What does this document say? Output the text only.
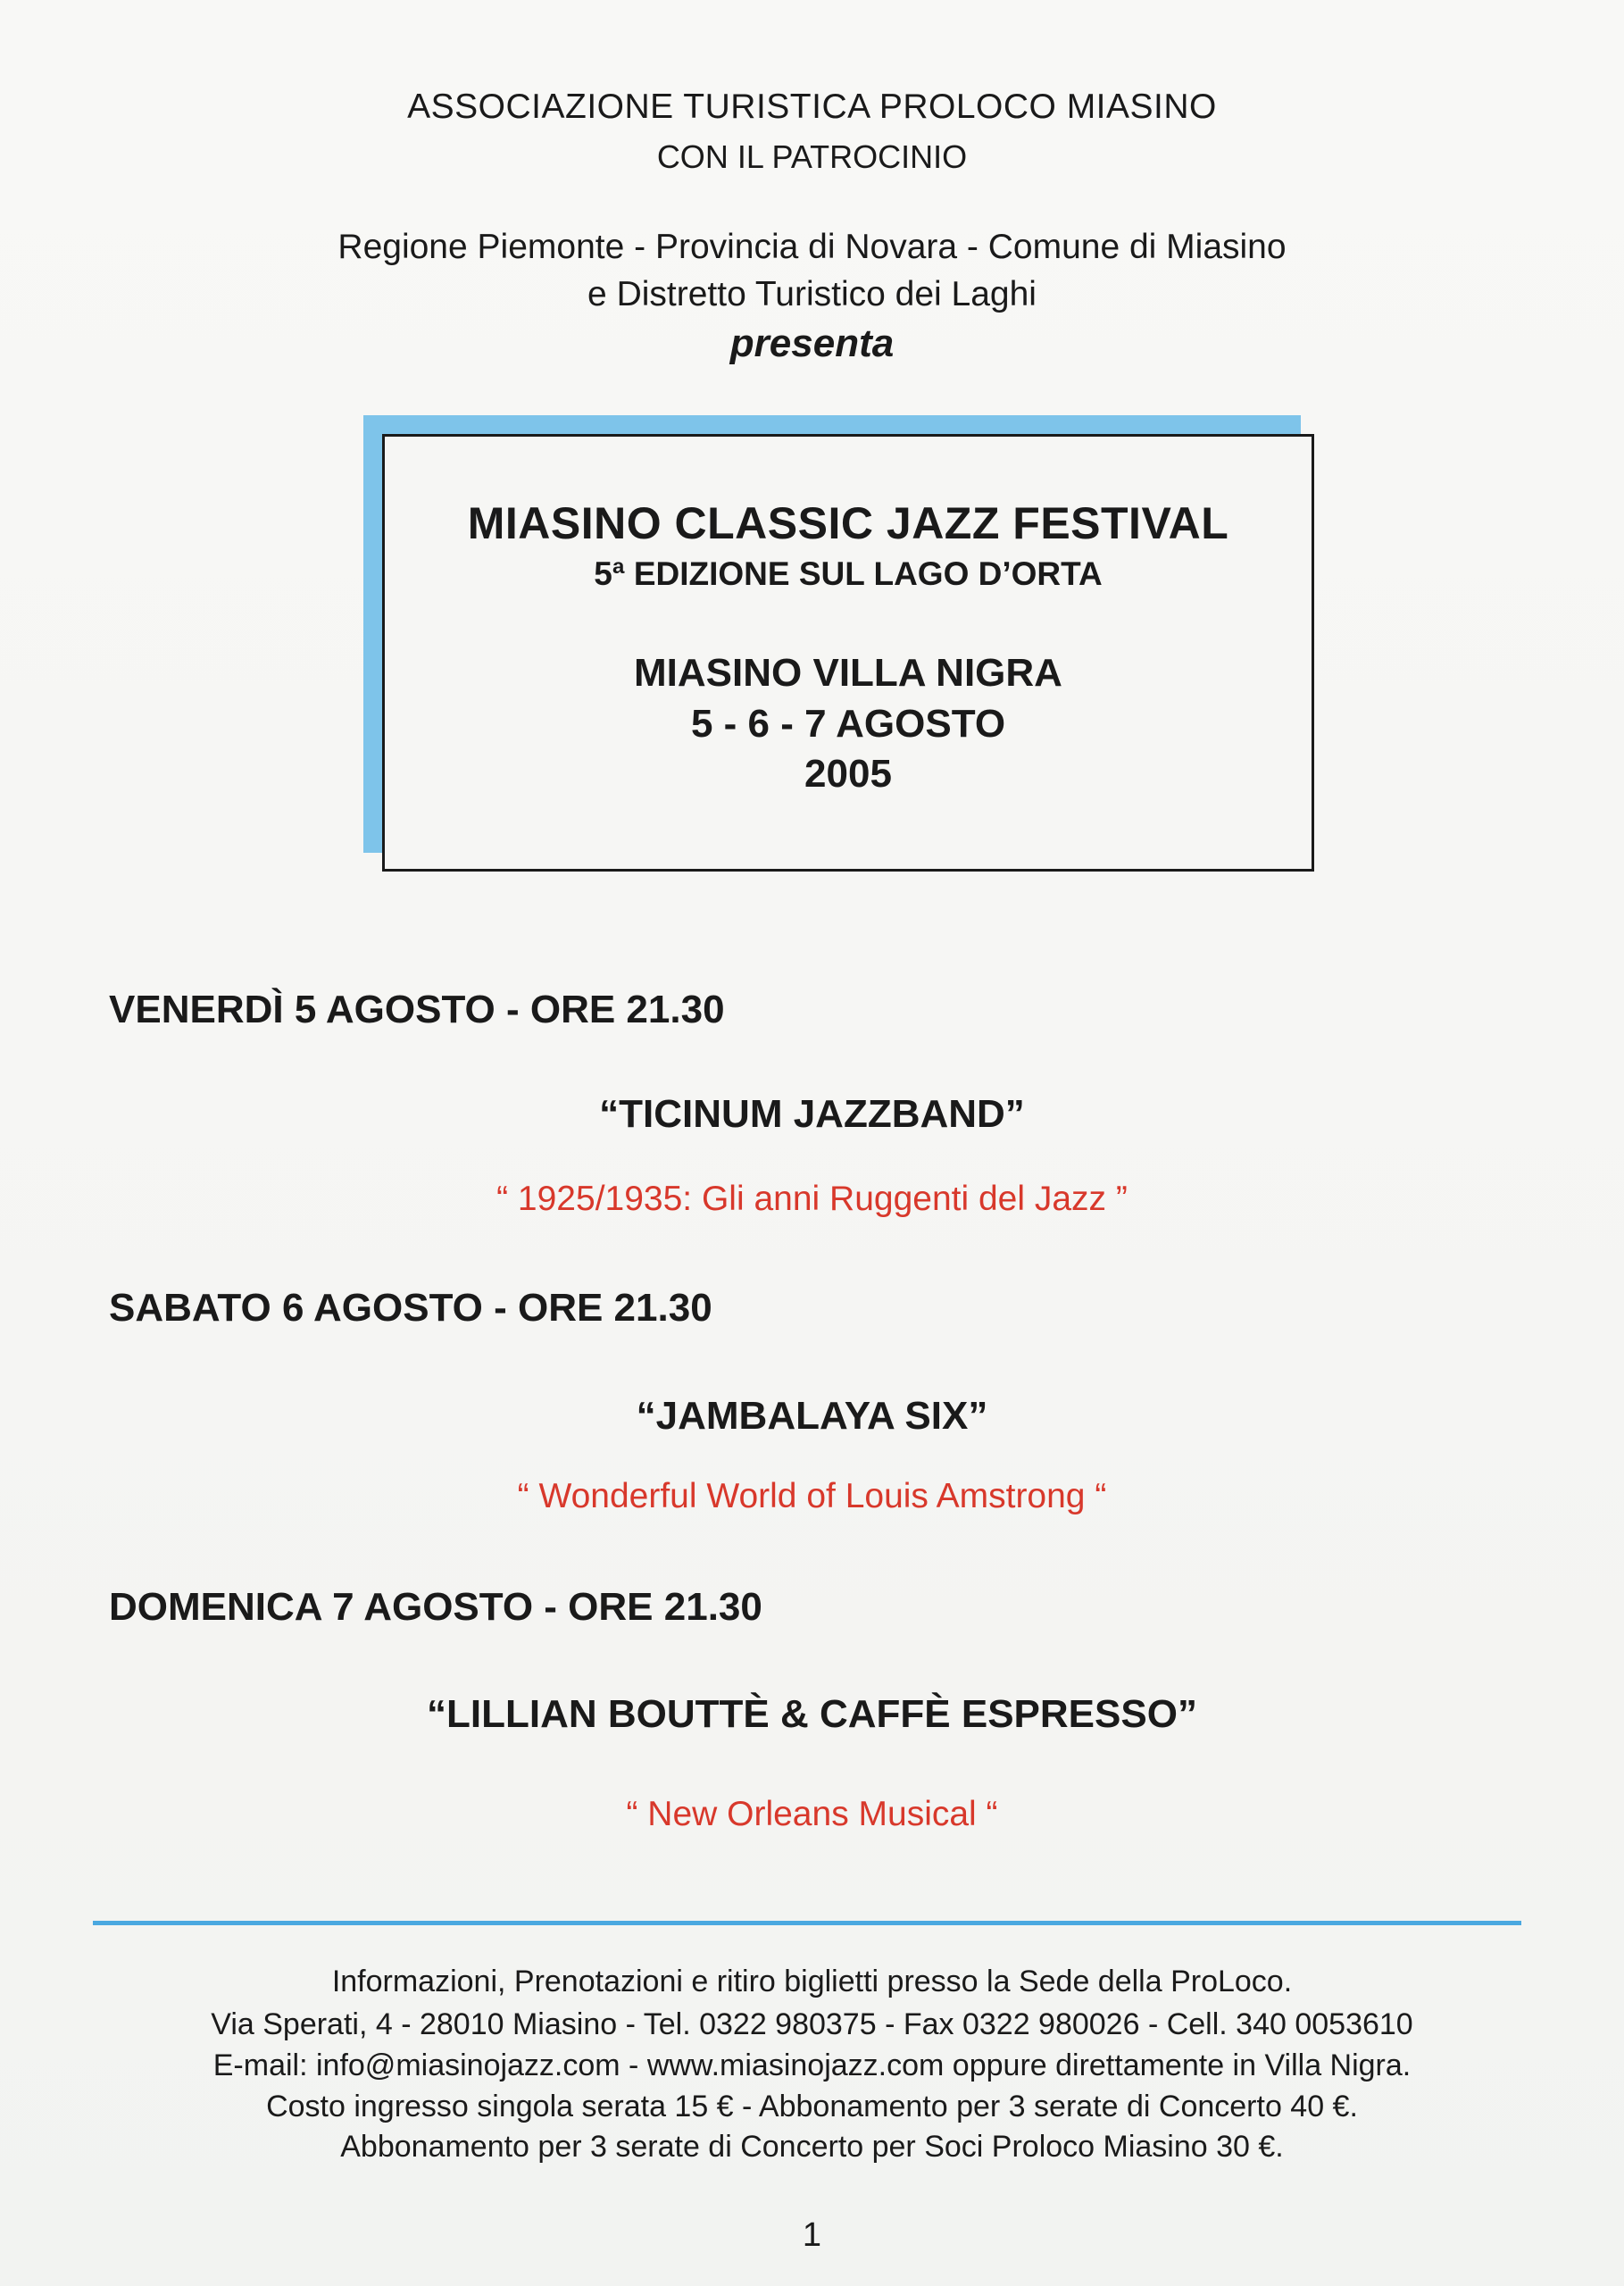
ASSOCIAZIONE TURISTICA PROLOCO MIASINO
CON IL PATROCINIO
Regione Piemonte - Provincia di Novara - Comune di Miasino
e Distretto Turistico dei Laghi
presenta
MIASINO CLASSIC JAZZ FESTIVAL
5ª EDIZIONE SUL LAGO D’ORTA
MIASINO VILLA NIGRA
5 - 6 - 7 AGOSTO
2005
VENERDÌ 5 AGOSTO - ORE 21.30
“TICINUM JAZZBAND”
“ 1925/1935: Gli anni Ruggenti del Jazz ”
SABATO 6 AGOSTO - ORE 21.30
“JAMBALAYA SIX”
“ Wonderful World of Louis Amstrong “
DOMENICA 7 AGOSTO - ORE 21.30
“LILLIAN BOUTTÈ & CAFFÈ ESPRESSO”
“ New Orleans Musical “
Informazioni, Prenotazioni e ritiro biglietti presso la Sede della ProLoco.
Via Sperati, 4 - 28010 Miasino - Tel. 0322 980375 - Fax 0322 980026 - Cell. 340 0053610
E-mail: info@miasinojazz.com - www.miasinojazz.com oppure direttamente in Villa Nigra.
Costo ingresso singola serata 15 € - Abbonamento per 3 serate di Concerto 40 €.
Abbonamento per 3 serate di Concerto per Soci Proloco Miasino 30 €.
1
